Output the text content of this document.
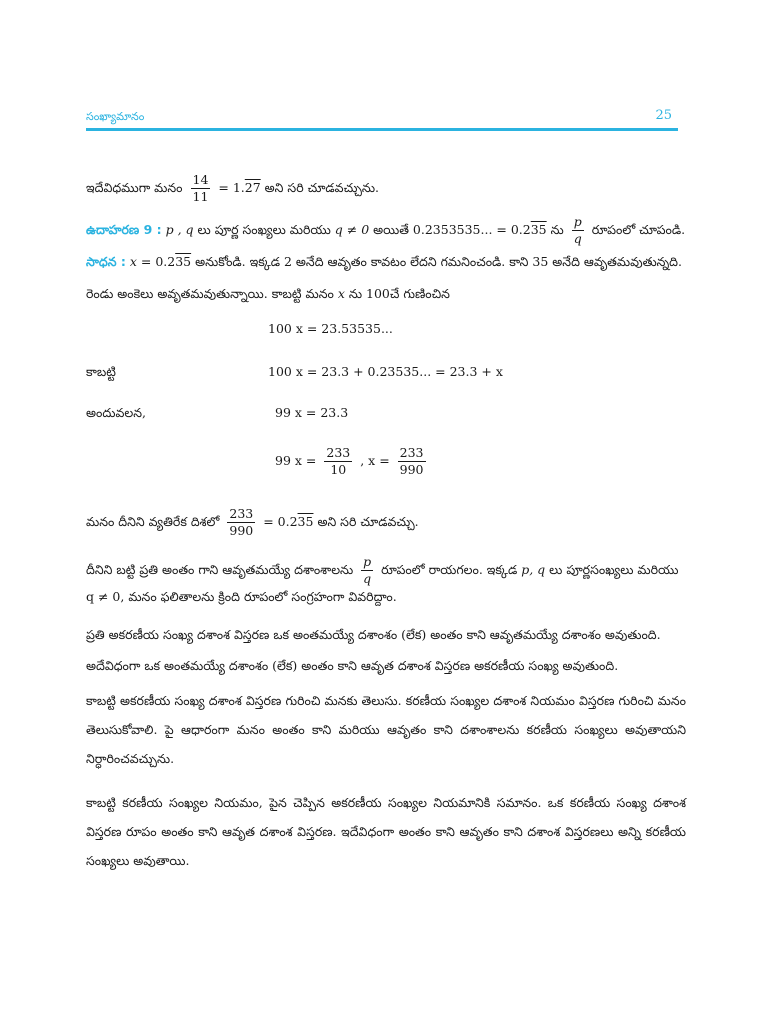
సంఖ్యామానం	25
ఇదేవిధముగా మనం $\frac{14}{11} = 1.27$ అని సరి చూడవచ్చును.
ఉదాహరణ 9 : p , q లు పూర్ణ సంఖ్యలు మరియు q ≠ 0 అయితే 0.2353535... = 0.235 ను $\frac{p}{q}$ రూపంలో చూపండి.
సాధన : x = 0.235 అనుకోండి. ఇక్కడ 2 అనేది ఆవృతం కావటం లేదని గమనించండి. కాని 35 అనేది ఆవృతమవుతున్నది.
రెండు అంకెలు అవృతమవుతున్నాయి. కాబట్టి మనం x ను 100చే గుణించిన
100 x = 23.53535...
కాబట్టి	100 x = 23.3 + 0.23535... = 23.3 + x
అందువలన,	99 x = 23.3
99 $x = \frac{233}{10}$ , $x = \frac{233}{990}$
మనం దీనిని వ్యతిరేక దిశలో $\frac{233}{990} = 0.235$ అని సరి చూడవచ్చు.
దీనిని బట్టి ప్రతి అంతం గాని ఆవృతమయ్యే దశాంశాలను $\frac{p}{q}$ రూపంలో రాయగలం. ఇక్కడ p, q లు పూర్ణసంఖ్యలు మరియు
q ≠ 0, మనం ఫలితాలను క్రింది రూపంలో సంగ్రహంగా వివరిద్దాం.
ప్రతి అకరణీయ సంఖ్య దశాంశ విస్తరణ ఒక అంతమయ్యే దశాంశం (లేక) అంతం కాని ఆవృతమయ్యే దశాంశం అవుతుంది.
అదేవిధంగా ఒక అంతమయ్యే దశాంశం (లేక) అంతం కాని ఆవృత దశాంశ విస్తరణ అకరణీయ సంఖ్య అవుతుంది.
కాబట్టి అకరణీయ సంఖ్య దశాంశ విస్తరణ గురించి మనకు తెలుసు. కరణీయ సంఖ్యల దశాంశ నియమం విస్తరణ గురించి మనం తెలుసుకోవాలి. పై ఆధారంగా మనం అంతం కాని మరియు ఆవృతం కాని దశాంశాలను కరణీయ సంఖ్యలు అవుతాయని నిర్ధారించవచ్చును.
కాబట్టి కరణీయ సంఖ్యల నియమం, పైన చెప్పిన అకరణీయ సంఖ్యల నియమానికి సమానం. ఒక కరణీయ సంఖ్య దశాంశ విస్తరణ రూపం అంతం కాని ఆవృత దశాంశ విస్తరణ. ఇదేవిధంగా అంతం కాని ఆవృతం కాని దశాంశ విస్తరణలు అన్ని కరణీయ సంఖ్యలు అవుతాయి.
